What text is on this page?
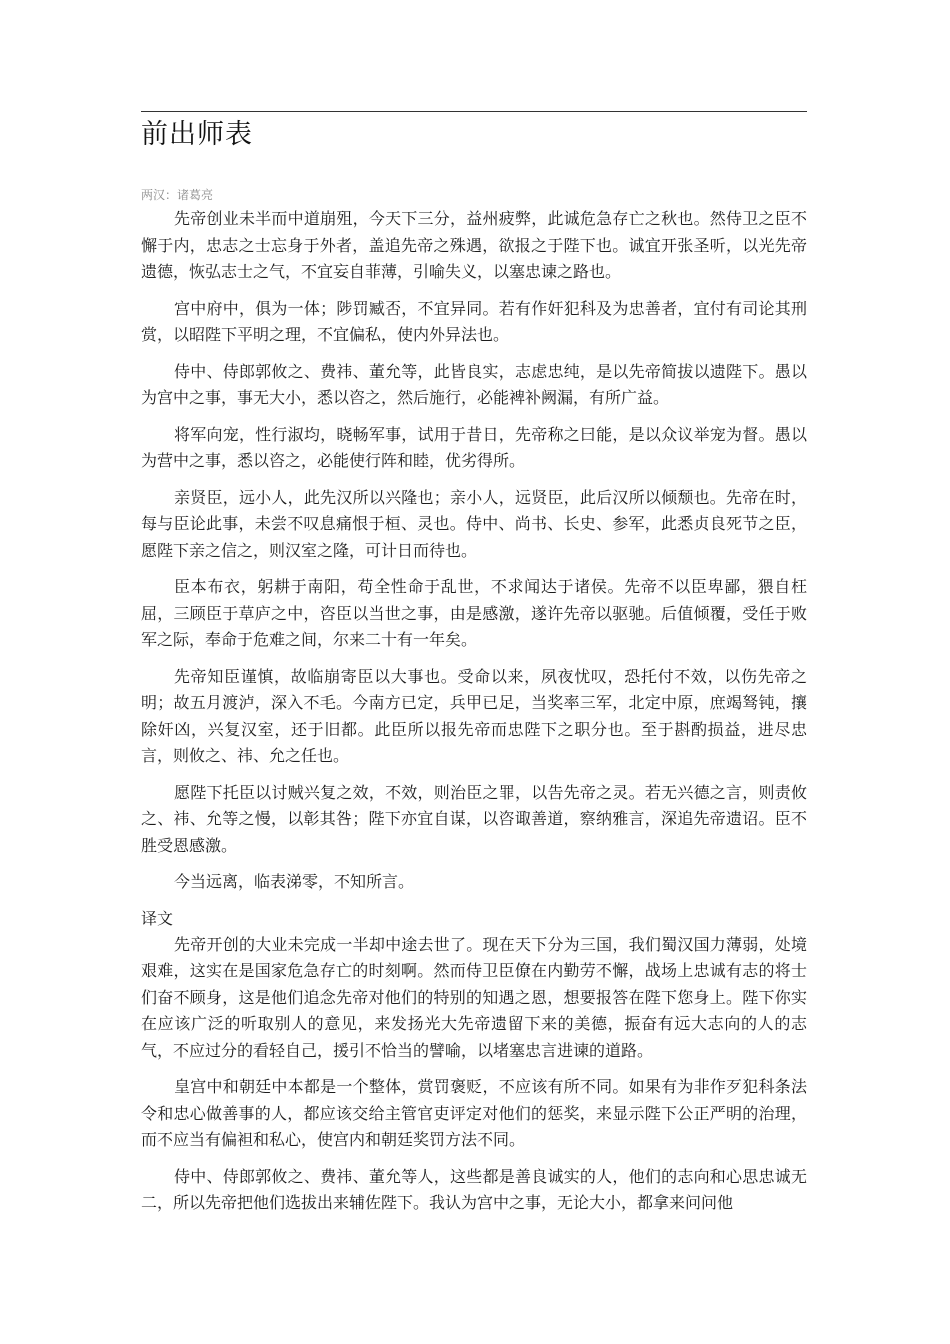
前出师表
两汉：诸葛亮

先帝创业未半而中道崩殂，今天下三分，益州疲弊，此诚危急存亡之秋也。然侍卫之臣不懈于内，忠志之士忘身于外者，盖追先帝之殊遇，欲报之于陛下也。诚宜开张圣听，以光先帝遗德，恢弘志士之气，不宜妄自菲薄，引喻失义，以塞忠谏之路也。

宫中府中，俱为一体；陟罚臧否，不宜异同。若有作奸犯科及为忠善者，宜付有司论其刑赏，以昭陛下平明之理，不宜偏私，使内外异法也。

侍中、侍郎郭攸之、费祎、董允等，此皆良实，志虑忠纯，是以先帝简拔以遗陛下。愚以为宫中之事，事无大小，悉以咨之，然后施行，必能裨补阙漏，有所广益。

将军向宠，性行淑均，晓畅军事，试用于昔日，先帝称之曰能，是以众议举宠为督。愚以为营中之事，悉以咨之，必能使行阵和睦，优劣得所。

亲贤臣，远小人，此先汉所以兴隆也；亲小人，远贤臣，此后汉所以倾颓也。先帝在时，每与臣论此事，未尝不叹息痛恨于桓、灵也。侍中、尚书、长史、参军，此悉贞良死节之臣，愿陛下亲之信之，则汉室之隆，可计日而待也。

臣本布衣，躬耕于南阳，苟全性命于乱世，不求闻达于诸侯。先帝不以臣卑鄙，猥自枉屈，三顾臣于草庐之中，咨臣以当世之事，由是感激，遂许先帝以驱驰。后值倾覆，受任于败军之际，奉命于危难之间，尔来二十有一年矣。

先帝知臣谨慎，故临崩寄臣以大事也。受命以来，夙夜忧叹，恐托付不效，以伤先帝之明；故五月渡泸，深入不毛。今南方已定，兵甲已足，当奖率三军，北定中原，庶竭驽钝，攘除奸凶，兴复汉室，还于旧都。此臣所以报先帝而忠陛下之职分也。至于斟酌损益，进尽忠言，则攸之、祎、允之任也。

愿陛下托臣以讨贼兴复之效，不效，则治臣之罪，以告先帝之灵。若无兴德之言，则责攸之、祎、允等之慢，以彰其咎；陛下亦宜自谋，以咨诹善道，察纳雅言，深追先帝遗诏。臣不胜受恩感激。

今当远离，临表涕零，不知所言。

译文

先帝开创的大业未完成一半却中途去世了。现在天下分为三国，我们蜀汉国力薄弱，处境艰难，这实在是国家危急存亡的时刻啊。然而侍卫臣僚在内勤劳不懈，战场上忠诚有志的将士们奋不顾身，这是他们追念先帝对他们的特别的知遇之恩，想要报答在陛下您身上。陛下你实在应该广泛的听取别人的意见，来发扬光大先帝遗留下来的美德，振奋有远大志向的人的志气，不应过分的看轻自己，援引不恰当的譬喻，以堵塞忠言进谏的道路。

皇宫中和朝廷中本都是一个整体，赏罚褒贬，不应该有所不同。如果有为非作歹犯科条法令和忠心做善事的人，都应该交给主管官吏评定对他们的惩奖，来显示陛下公正严明的治理，而不应当有偏袒和私心，使宫内和朝廷奖罚方法不同。

侍中、侍郎郭攸之、费祎、董允等人，这些都是善良诚实的人，他们的志向和心思忠诚无二，所以先帝把他们选拔出来辅佐陛下。我认为宫中之事，无论大小，都拿来问问他
